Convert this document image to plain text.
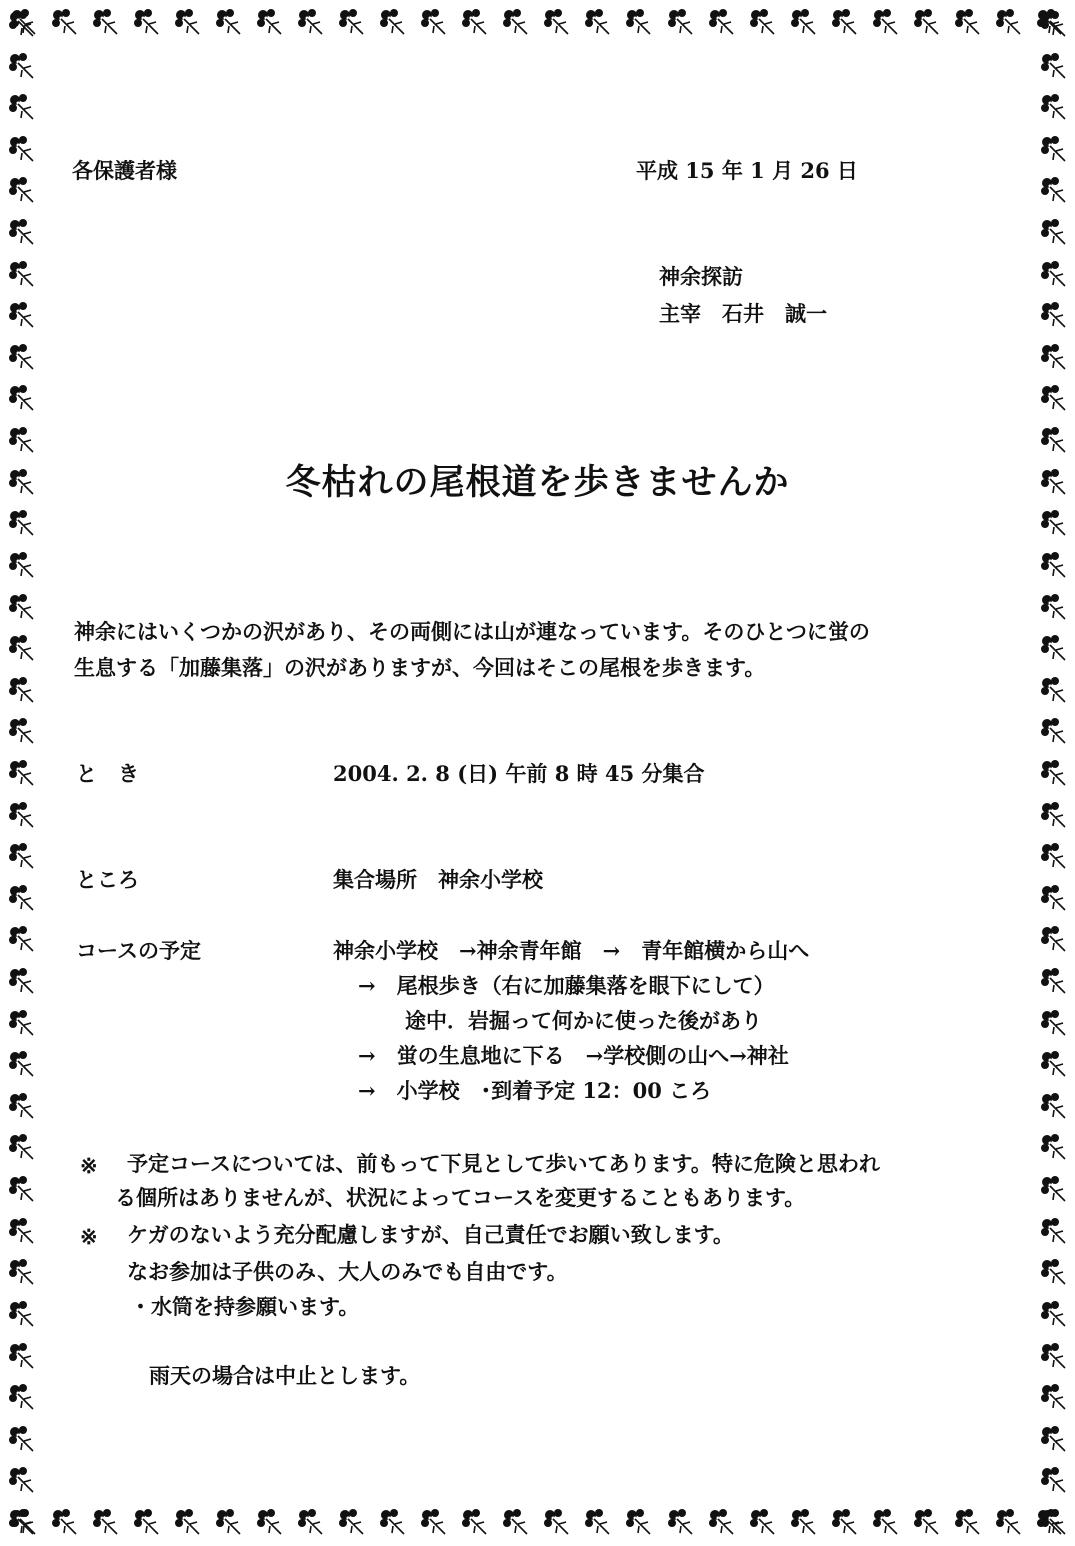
各保護者様	平成 15 年 1 月 26 日
神余探訪
主宰　石井　誠一
冬枯れの尾根道を歩きませんか
神余にはいくつかの沢があり、その両側には山が連なっています。そのひとつに蛍の
生息する「加藤集落」の沢がありますが、今回はそこの尾根を歩きます。
と　き	2004. 2. 8 (日) 午前 8 時 45 分集合
ところ	集合場所　神余小学校
コースの予定	神余小学校　→神余青年館　→　青年館横から山へ
→　尾根歩き（右に加藤集落を眼下にして）
途中．岩掘って何かに使った後があり
→　蛍の生息地に下る　→学校側の山へ→神社
→　小学校　･到着予定 12：00 ころ
※ 予定コースについては、前もって下見として歩いてあります。特に危険と思われ
る個所はありませんが、状況によってコースを変更することもあります。
※ ケガのないよう充分配慮しますが、自己責任でお願い致します。
なお参加は子供のみ、大人のみでも自由です。
・水筒を持参願います。
雨天の場合は中止とします。
